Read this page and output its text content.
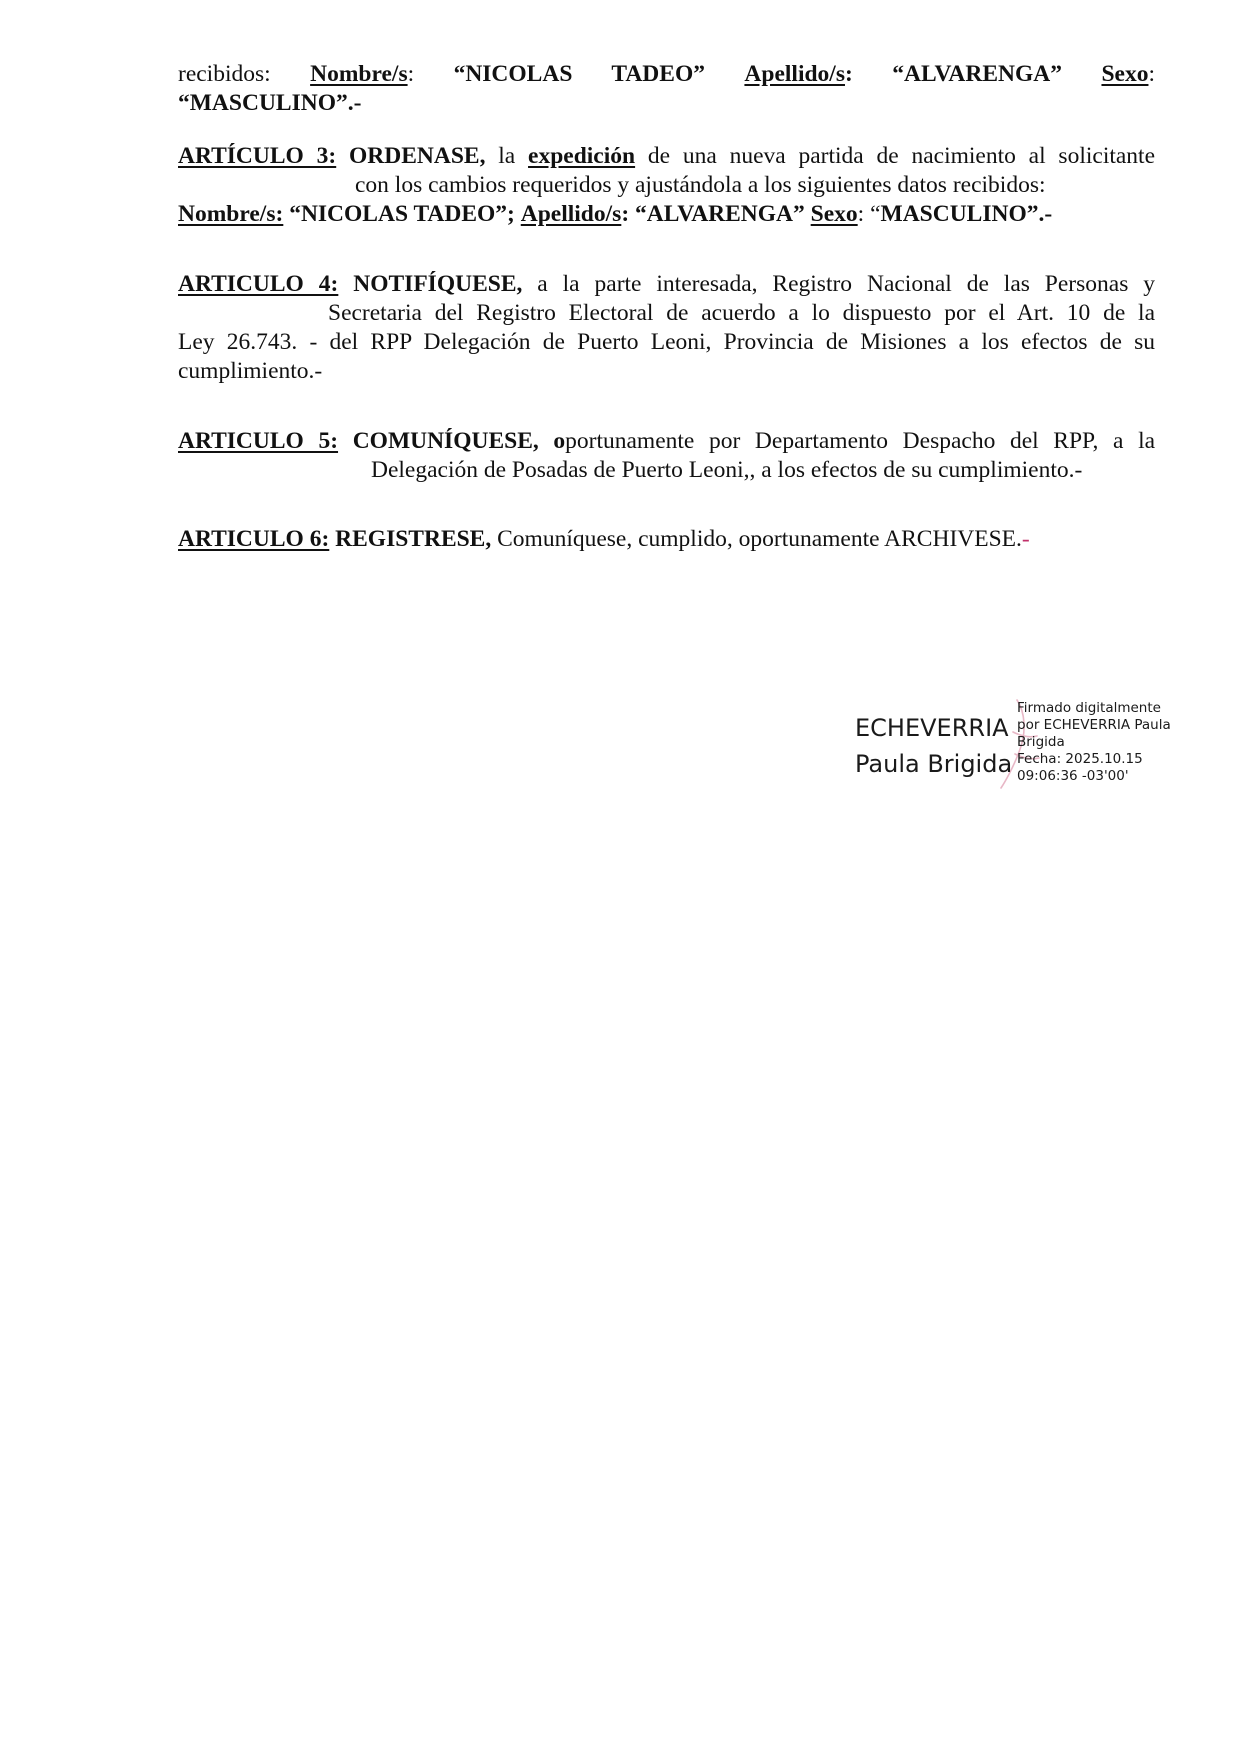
recibidos: Nombre/s: “NICOLAS TADEO” Apellido/s: “ALVARENGA” Sexo:
“MASCULINO”.-
ARTÍCULO 3: ORDENASE, la expedición de una nueva partida de nacimiento al solicitante
con los cambios requeridos y ajustándola a los siguientes datos recibidos:
Nombre/s: “NICOLAS TADEO”; Apellido/s: “ALVARENGA” Sexo: “MASCULINO”.-
ARTICULO 4: NOTIFÍQUESE, a la parte interesada, Registro Nacional de las Personas y
Secretaria del Registro Electoral de acuerdo a lo dispuesto por el Art. 10 de la
Ley 26.743. - del RPP Delegación de Puerto Leoni, Provincia de Misiones a los efectos de su
cumplimiento.-
ARTICULO 5: COMUNÍQUESE, oportunamente por Departamento Despacho del RPP, a la
Delegación de Posadas de Puerto Leoni,, a los efectos de su cumplimiento.-
ARTICULO 6: REGISTRESE, Comuníquese, cumplido, oportunamente ARCHIVESE.-
ECHEVERRIA
Paula Brigida
Firmado digitalmente
por ECHEVERRIA Paula
Brigida
Fecha: 2025.10.15
09:06:36 -03'00'
